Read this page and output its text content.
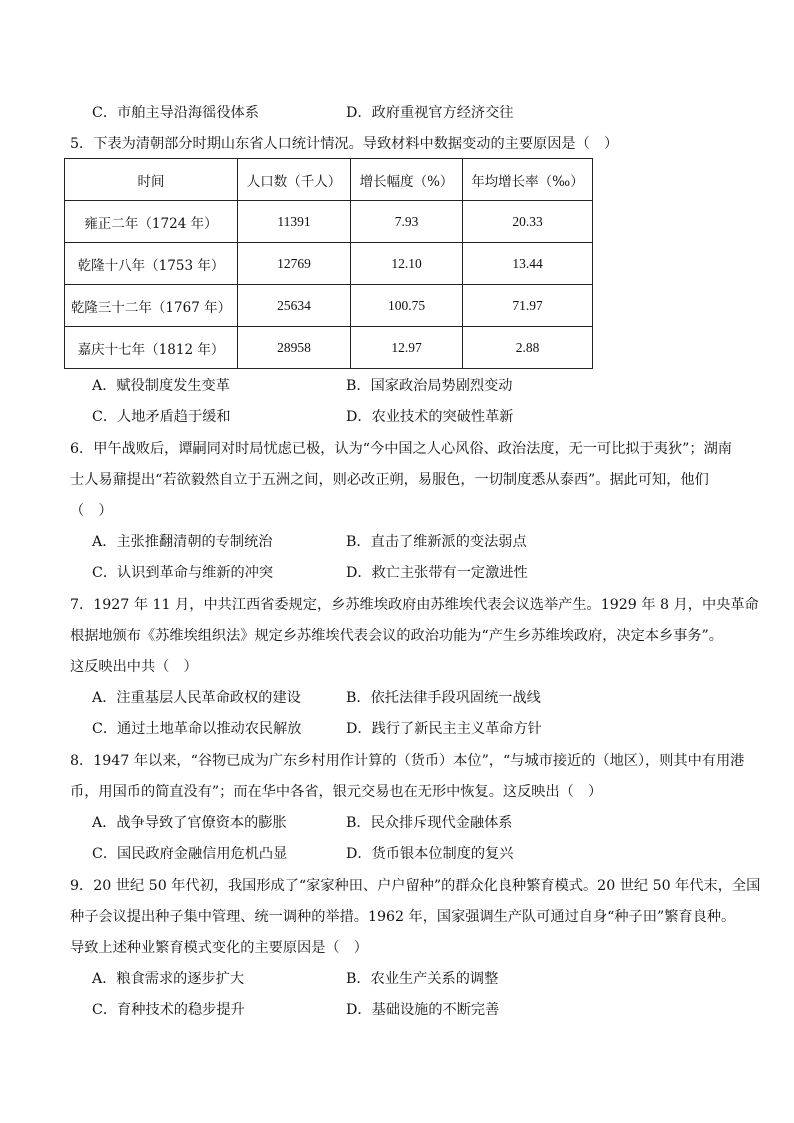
C．市舶主导沿海徭役体系	D．政府重视官方经济交往
5．下表为清朝部分时期山东省人口统计情况。导致材料中数据变动的主要原因是（　）
时间	人口数（千人）	增长幅度（%）	年均增长率（‰）
雍正二年（1724 年）	11391	7.93	20.33
乾隆十八年（1753 年）	12769	12.10	13.44
乾隆三十二年（1767 年）	25634	100.75	71.97
嘉庆十七年（1812 年）	28958	12.97	2.88
A．赋役制度发生变革	B．国家政治局势剧烈变动
C．人地矛盾趋于缓和	D．农业技术的突破性革新
6．甲午战败后，谭嗣同对时局忧虑已极，认为“今中国之人心风俗、政治法度，无一可比拟于夷狄”；湖南
士人易鼐提出“若欲毅然自立于五洲之间，则必改正朔，易服色，一切制度悉从泰西”。据此可知，他们
（　）
A．主张推翻清朝的专制统治	B．直击了维新派的变法弱点
C．认识到革命与维新的冲突	D．救亡主张带有一定激进性
7．1927 年 11 月，中共江西省委规定，乡苏维埃政府由苏维埃代表会议选举产生。1929 年 8 月，中央革命
根据地颁布《苏维埃组织法》规定乡苏维埃代表会议的政治功能为“产生乡苏维埃政府，决定本乡事务”。
这反映出中共（　）
A．注重基层人民革命政权的建设	B．依托法律手段巩固统一战线
C．通过土地革命以推动农民解放	D．践行了新民主主义革命方针
8．1947 年以来，“谷物已成为广东乡村用作计算的（货币）本位”，“与城市接近的（地区），则其中有用港
币，用国币的简直没有”；而在华中各省，银元交易也在无形中恢复。这反映出（　）
A．战争导致了官僚资本的膨胀	B．民众排斥现代金融体系
C．国民政府金融信用危机凸显	D．货币银本位制度的复兴
9．20 世纪 50 年代初，我国形成了“家家种田、户户留种”的群众化良种繁育模式。20 世纪 50 年代末，全国
种子会议提出种子集中管理、统一调种的举措。1962 年，国家强调生产队可通过自身“种子田”繁育良种。
导致上述种业繁育模式变化的主要原因是（　）
A．粮食需求的逐步扩大	B．农业生产关系的调整
C．育种技术的稳步提升	D．基础设施的不断完善
